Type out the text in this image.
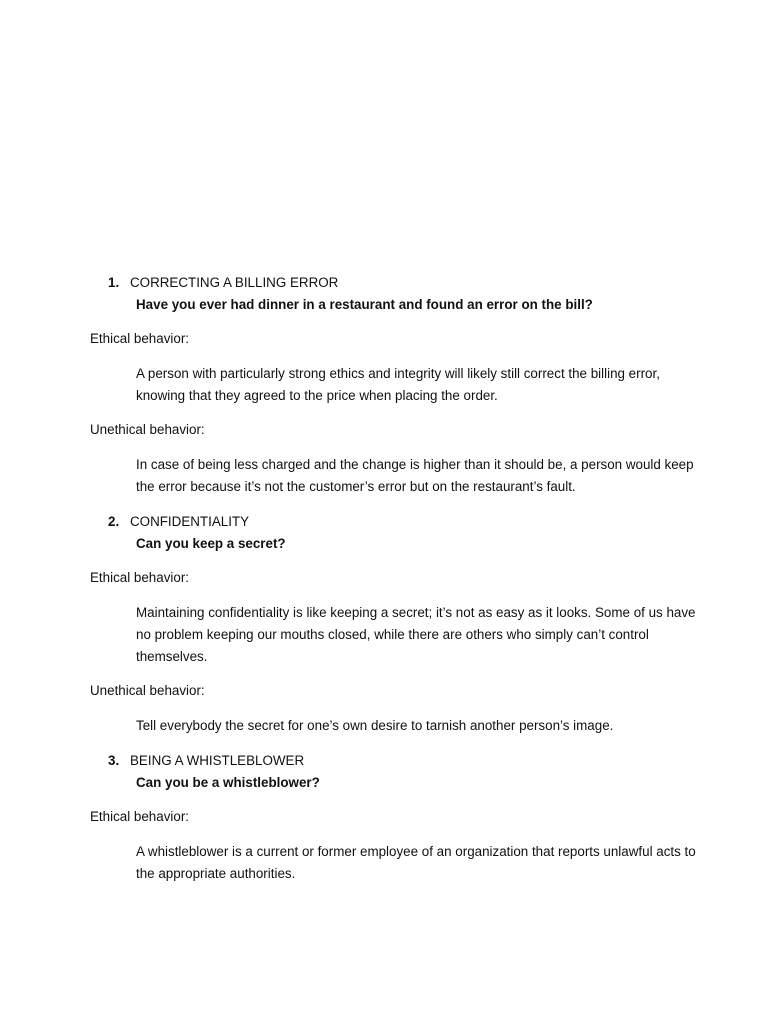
1. CORRECTING A BILLING ERROR
Have you ever had dinner in a restaurant and found an error on the bill?
Ethical behavior:
A person with particularly strong ethics and integrity will likely still correct the billing error, knowing that they agreed to the price when placing the order.
Unethical behavior:
In case of being less charged and the change is higher than it should be, a person would keep the error because it’s not the customer’s error but on the restaurant’s fault.
2. CONFIDENTIALITY
Can you keep a secret?
Ethical behavior:
Maintaining confidentiality is like keeping a secret; it’s not as easy as it looks. Some of us have no problem keeping our mouths closed, while there are others who simply can’t control themselves.
Unethical behavior:
Tell everybody the secret for one’s own desire to tarnish another person’s image.
3. BEING A WHISTLEBLOWER
Can you be a whistleblower?
Ethical behavior:
A whistleblower is a current or former employee of an organization that reports unlawful acts to the appropriate authorities.
